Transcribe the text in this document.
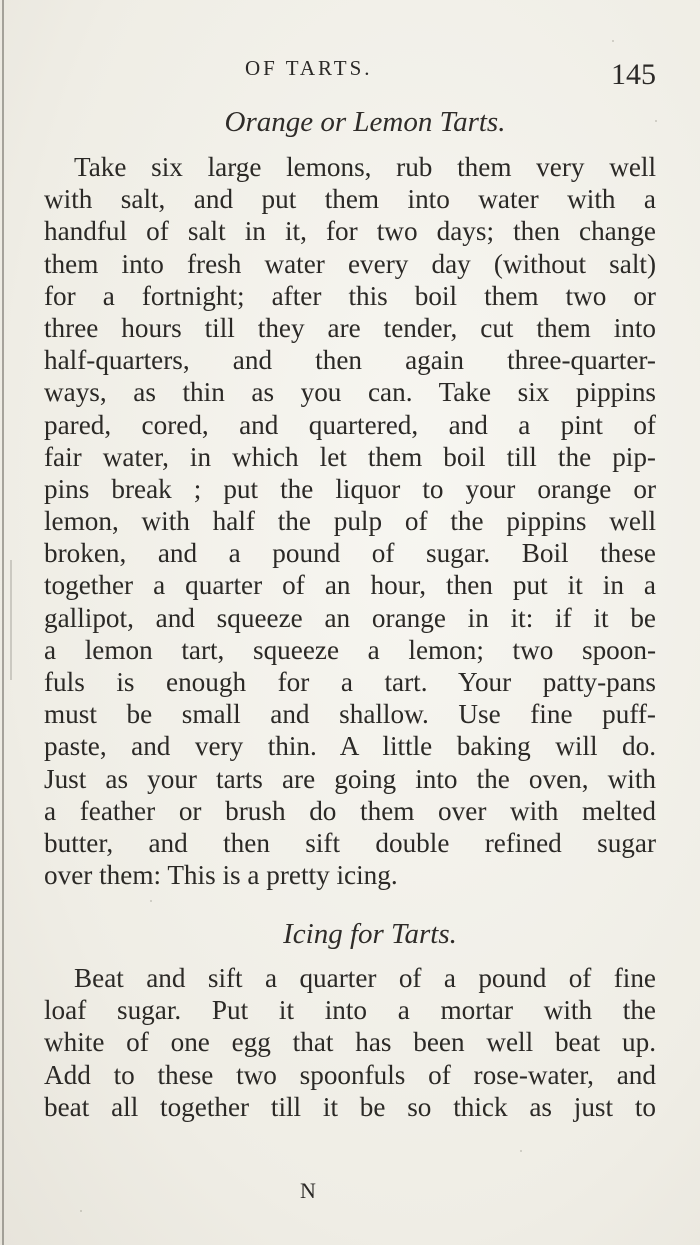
OF TARTS.	145
Orange or Lemon Tarts.
Take six large lemons, rub them very well
with salt, and put them into water with a
handful of salt in it, for two days; then change
them into fresh water every day (without salt)
for a fortnight; after this boil them two or
three hours till they are tender, cut them into
half-quarters, and then again three-quarter-
ways, as thin as you can. Take six pippins
pared, cored, and quartered, and a pint of
fair water, in which let them boil till the pip-
pins break ; put the liquor to your orange or
lemon, with half the pulp of the pippins well
broken, and a pound of sugar. Boil these
together a quarter of an hour, then put it in a
gallipot, and squeeze an orange in it: if it be
a lemon tart, squeeze a lemon; two spoon-
fuls is enough for a tart. Your patty-pans
must be small and shallow. Use fine puff-
paste, and very thin. A little baking will do.
Just as your tarts are going into the oven, with
a feather or brush do them over with melted
butter, and then sift double refined sugar
over them: This is a pretty icing.
Icing for Tarts.
Beat and sift a quarter of a pound of fine
loaf sugar. Put it into a mortar with the
white of one egg that has been well beat up.
Add to these two spoonfuls of rose-water, and
beat all together till it be so thick as just to
N
